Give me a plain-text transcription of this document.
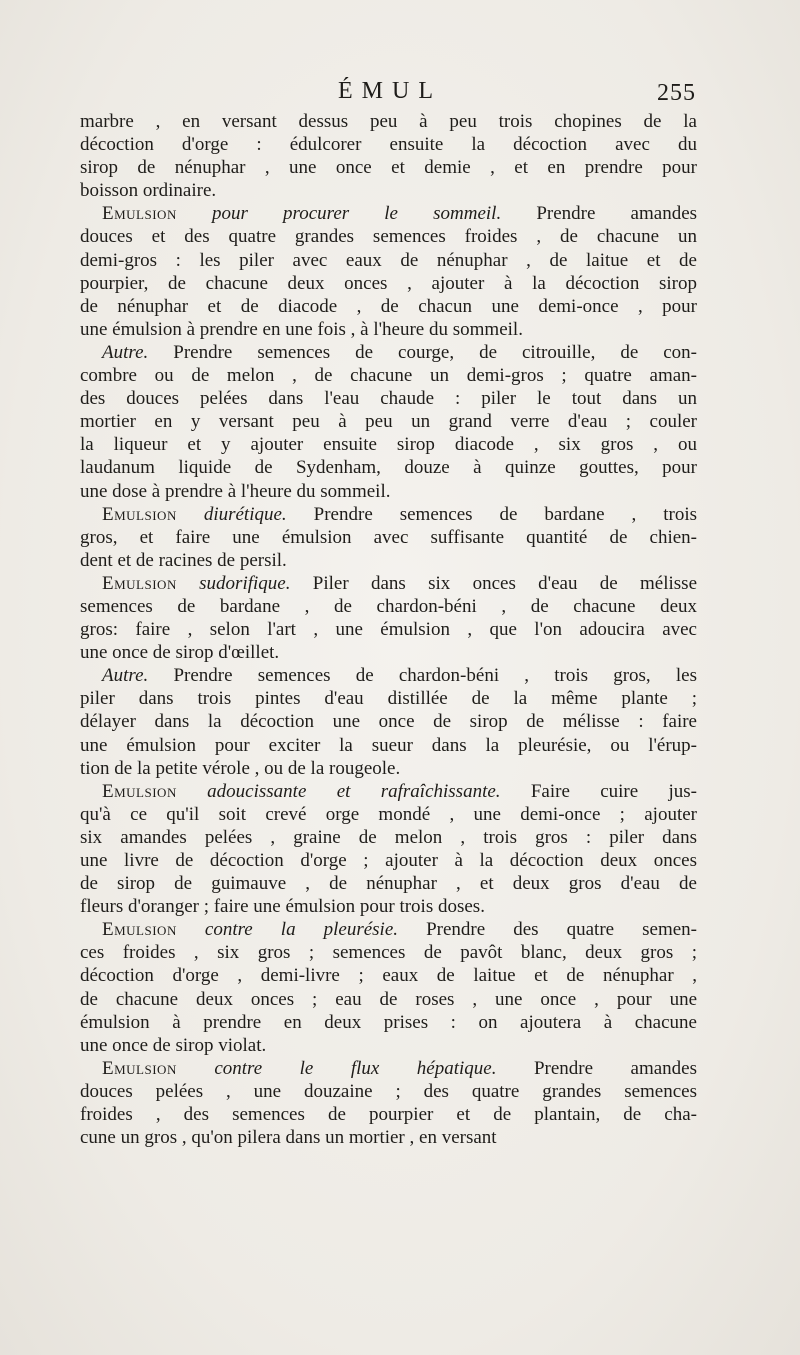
ÉMUL	255
marbre , en versant dessus peu à peu trois chopines de la
décoction d'orge : édulcorer ensuite la décoction avec du
sirop de nénuphar , une once et demie , et en prendre pour
boisson ordinaire.
Emulsion pour procurer le sommeil. Prendre amandes
douces et des quatre grandes semences froides , de chacune un
demi-gros : les piler avec eaux de nénuphar , de laitue et de
pourpier, de chacune deux onces , ajouter à la décoction sirop
de nénuphar et de diacode , de chacun une demi-once , pour
une émulsion à prendre en une fois , à l'heure du sommeil.
Autre. Prendre semences de courge, de citrouille, de con-
combre ou de melon , de chacune un demi-gros ; quatre aman-
des douces pelées dans l'eau chaude : piler le tout dans un
mortier en y versant peu à peu un grand verre d'eau ; couler
la liqueur et y ajouter ensuite sirop diacode , six gros , ou
laudanum liquide de Sydenham, douze à quinze gouttes, pour
une dose à prendre à l'heure du sommeil.
Emulsion diurétique. Prendre semences de bardane , trois
gros, et faire une émulsion avec suffisante quantité de chien-
dent et de racines de persil.
Emulsion sudorifique. Piler dans six onces d'eau de mélisse
semences de bardane , de chardon-béni , de chacune deux
gros: faire , selon l'art , une émulsion , que l'on adoucira avec
une once de sirop d'œillet.
Autre. Prendre semences de chardon-béni , trois gros, les
piler dans trois pintes d'eau distillée de la même plante ;
délayer dans la décoction une once de sirop de mélisse : faire
une émulsion pour exciter la sueur dans la pleurésie, ou l'érup-
tion de la petite vérole , ou de la rougeole.
Emulsion adoucissante et rafraîchissante. Faire cuire jus-
qu'à ce qu'il soit crevé orge mondé , une demi-once ; ajouter
six amandes pelées , graine de melon , trois gros : piler dans
une livre de décoction d'orge ; ajouter à la décoction deux onces
de sirop de guimauve , de nénuphar , et deux gros d'eau de
fleurs d'oranger ; faire une émulsion pour trois doses.
Emulsion contre la pleurésie. Prendre des quatre semen-
ces froides , six gros ; semences de pavôt blanc, deux gros ;
décoction d'orge , demi-livre ; eaux de laitue et de nénuphar ,
de chacune deux onces ; eau de roses , une once , pour une
émulsion à prendre en deux prises : on ajoutera à chacune
une once de sirop violat.
Emulsion contre le flux hépatique. Prendre amandes
douces pelées , une douzaine ; des quatre grandes semences
froides , des semences de pourpier et de plantain, de cha-
cune un gros , qu'on pilera dans un mortier , en versant
